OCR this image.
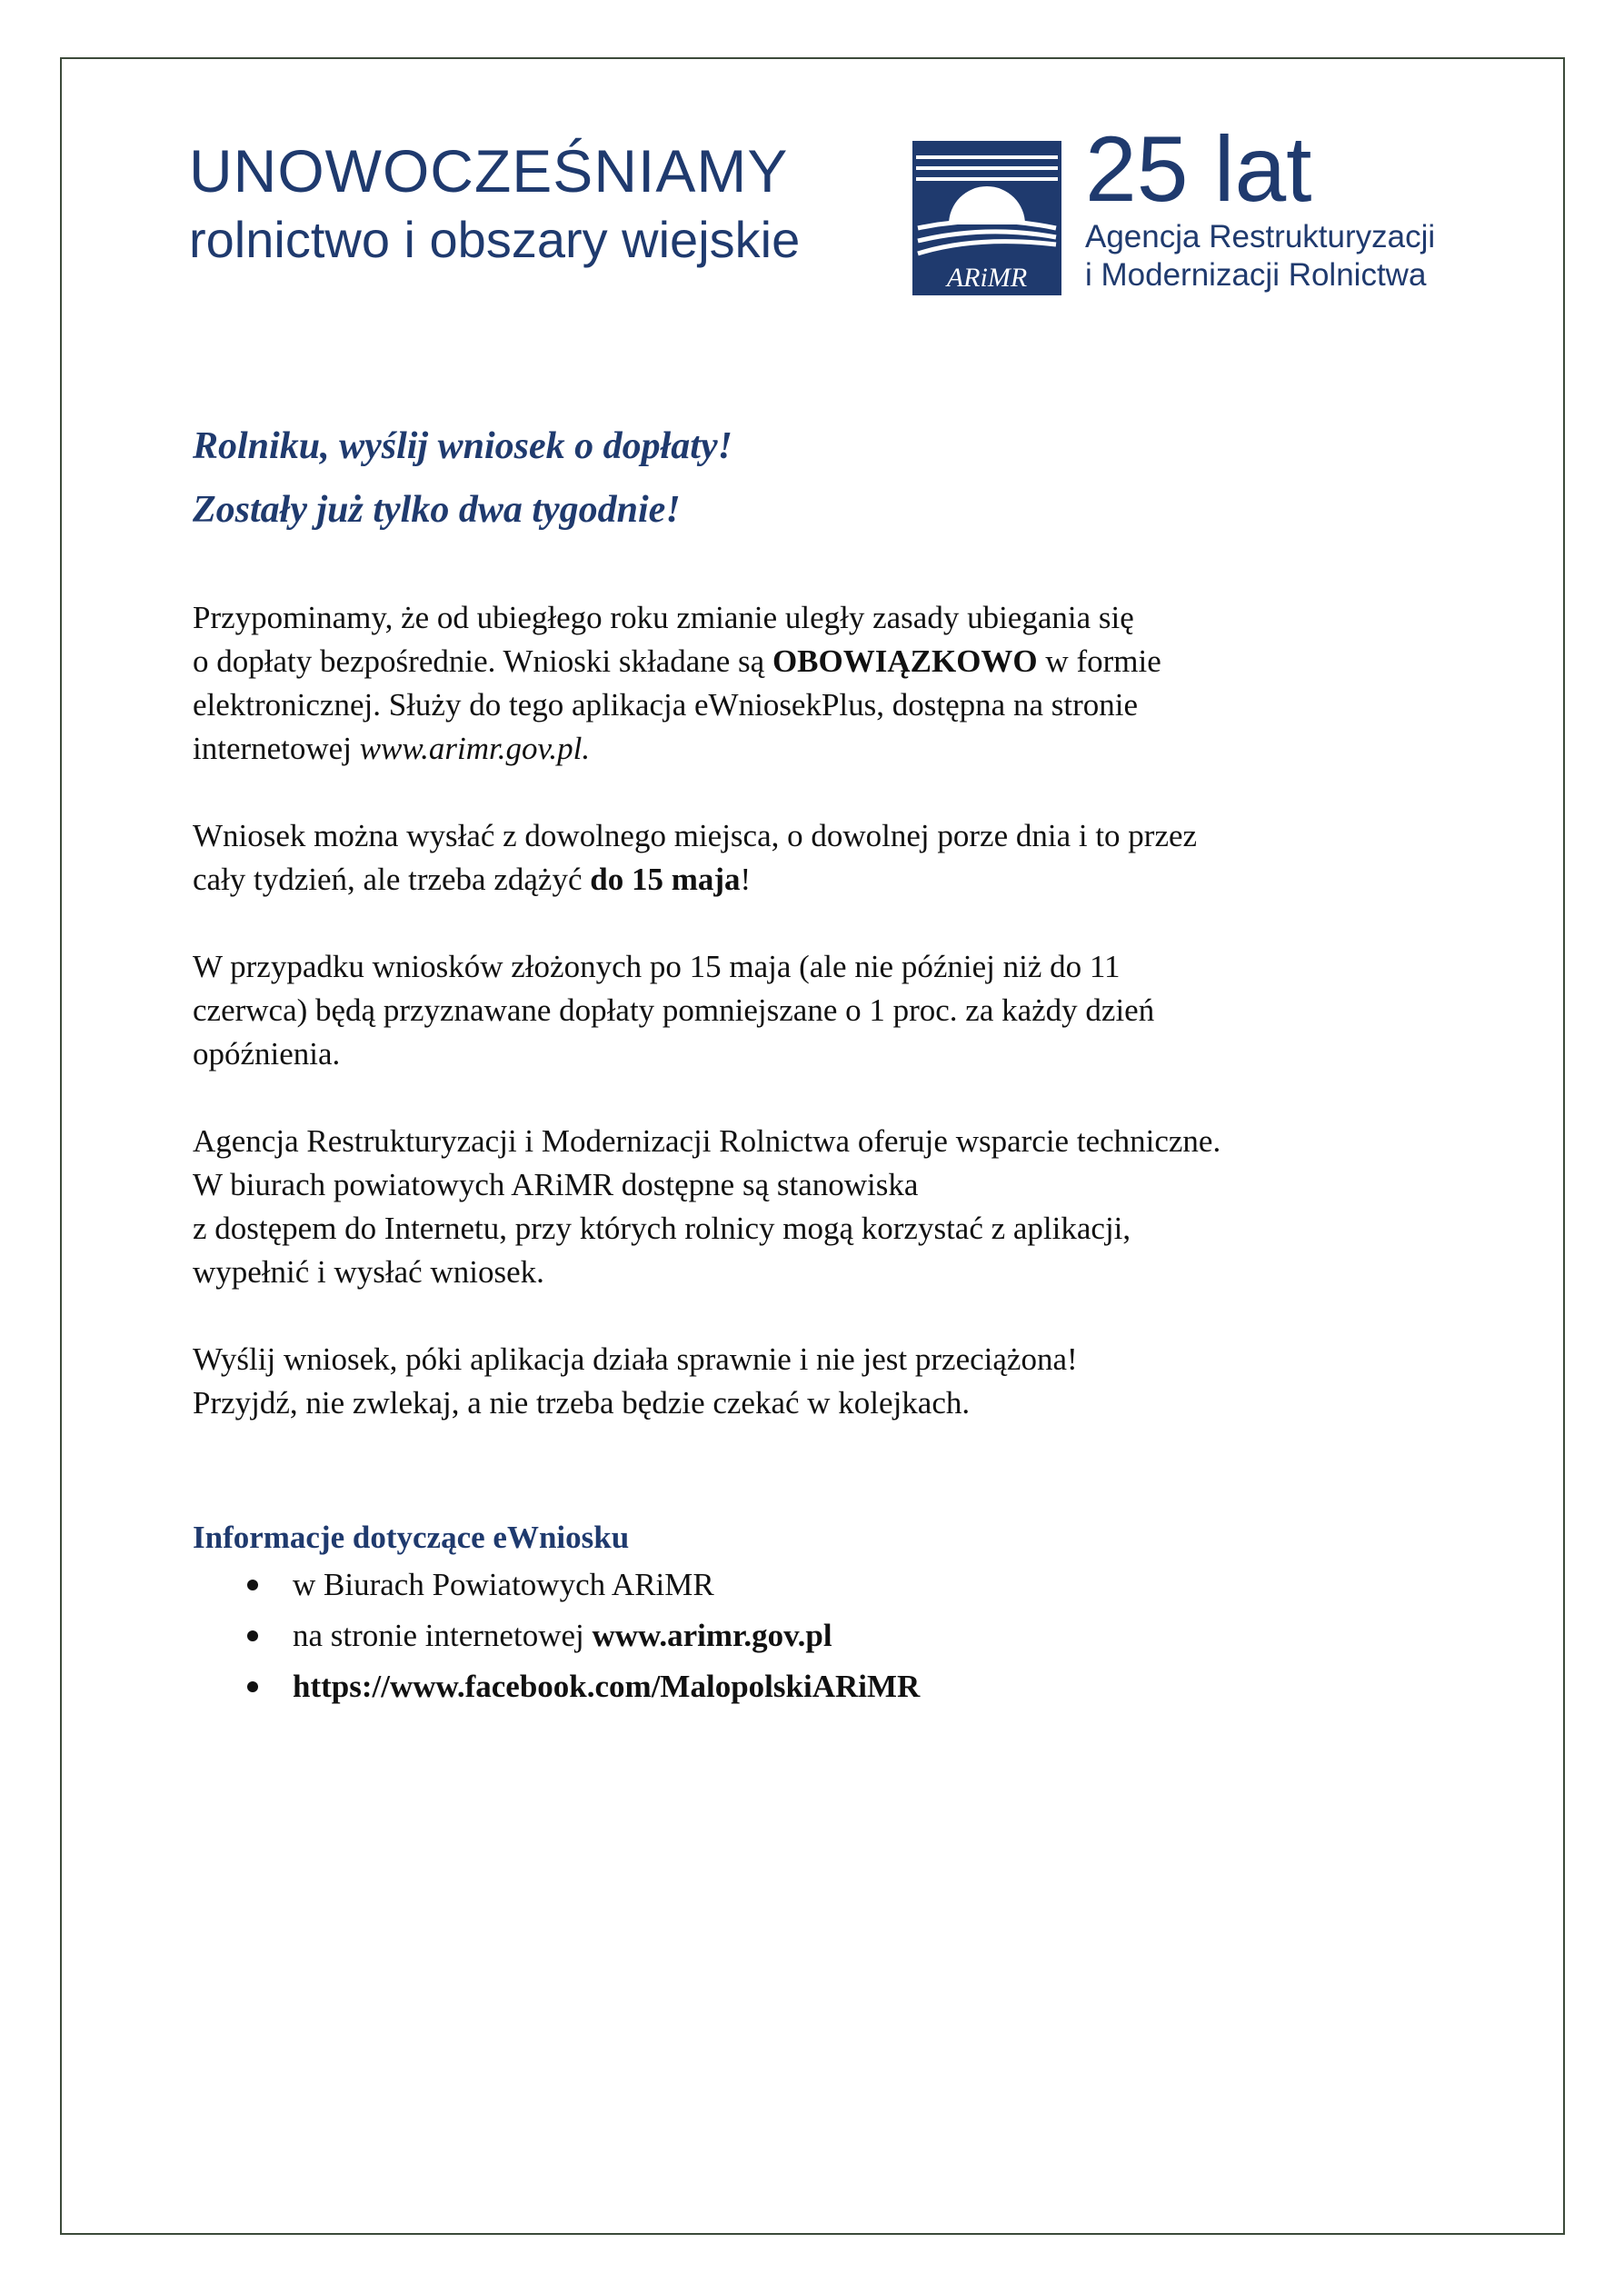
UNOWOCZEŚNIAMY
rolnictwo i obszary wiejskie
ARiMR
25 lat
Agencja Restrukturyzacji
i Modernizacji Rolnictwa
Rolniku, wyślij wniosek o dopłaty!
Zostały już tylko dwa tygodnie!
Przypominamy, że od ubiegłego roku zmianie uległy zasady ubiegania się
o dopłaty bezpośrednie. Wnioski składane są OBOWIĄZKOWO w formie
elektronicznej. Służy do tego aplikacja eWniosekPlus, dostępna na stronie
internetowej www.arimr.gov.pl.
Wniosek można wysłać z dowolnego miejsca, o dowolnej porze dnia i to przez
cały tydzień, ale trzeba zdążyć do 15 maja!
W przypadku wniosków złożonych po 15 maja (ale nie później niż do 11
czerwca) będą przyznawane dopłaty pomniejszane o 1 proc. za każdy dzień
opóźnienia.
Agencja Restrukturyzacji i Modernizacji Rolnictwa oferuje wsparcie techniczne.
W biurach powiatowych ARiMR dostępne są stanowiska
z dostępem do Internetu, przy których rolnicy mogą korzystać z aplikacji,
wypełnić i wysłać wniosek.
Wyślij wniosek, póki aplikacja działa sprawnie i nie jest przeciążona!
Przyjdź, nie zwlekaj, a nie trzeba będzie czekać w kolejkach.
Informacje dotyczące eWniosku
w Biurach Powiatowych ARiMR
na stronie internetowej www.arimr.gov.pl
https://www.facebook.com/MalopolskiARiMR
